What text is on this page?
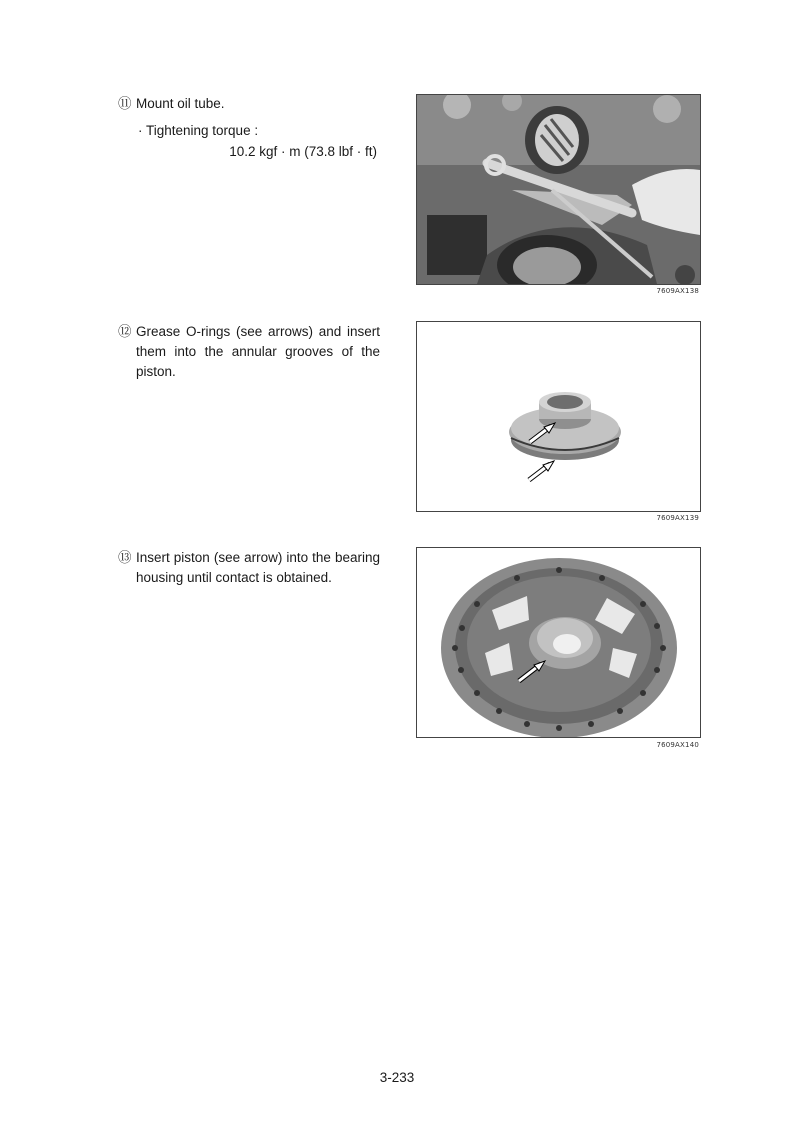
⑪ Mount oil tube.
· Tightening torque :
10.2 kgf · m (73.8 lbf · ft)
⑫ Grease O-rings (see arrows) and insert them into the annular grooves of the piston.
⑬ Insert piston (see arrow) into the bearing housing until contact is obtained.
7609AX138
7609AX139
7609AX140
3-233
